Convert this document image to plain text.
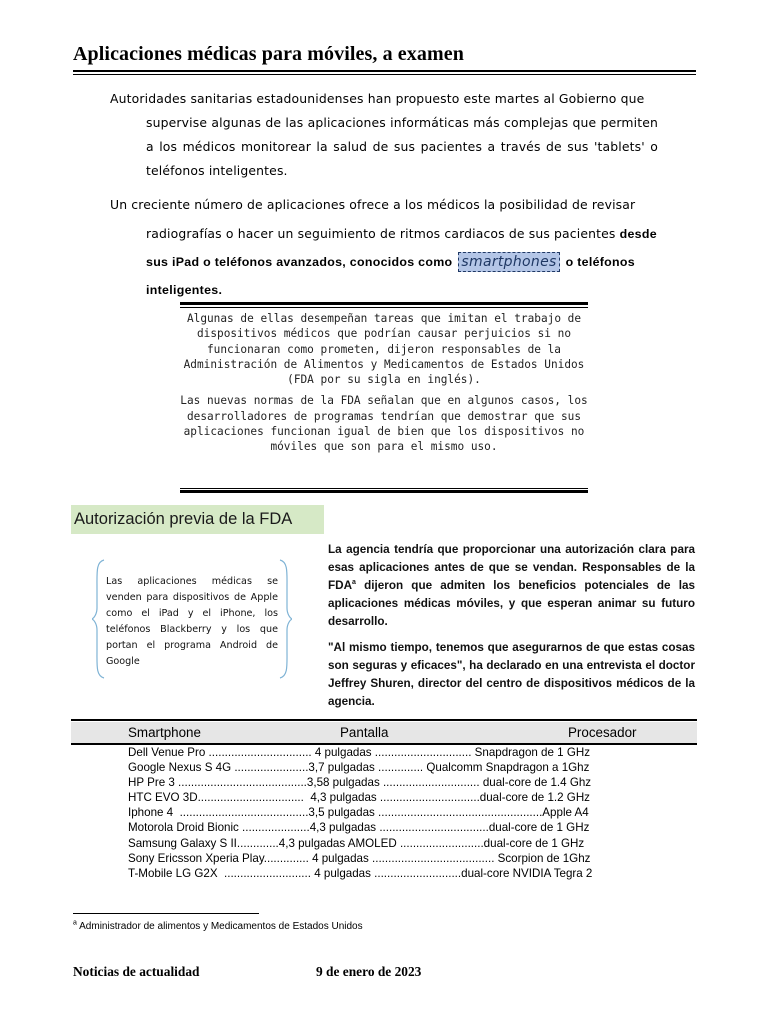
Aplicaciones médicas para móviles, a examen
Autoridades sanitarias estadounidenses han propuesto este martes al Gobierno que
supervise algunas de las aplicaciones informáticas más complejas que permiten a los médicos monitorear la salud de sus pacientes a través de sus 'tablets' o teléfonos inteligentes.
Un creciente número de aplicaciones ofrece a los médicos la posibilidad de revisar
radiografías o hacer un seguimiento de ritmos cardiacos de sus pacientes desde
sus iPad o teléfonos avanzados, conocidos como smartphones o teléfonos
inteligentes.
Algunas de ellas desempeñan tareas que imitan el trabajo de dispositivos médicos que podrían causar perjuicios si no funcionaran como prometen, dijeron responsables de la Administración de Alimentos y Medicamentos de Estados Unidos (FDA por su sigla en inglés).
Las nuevas normas de la FDA señalan que en algunos casos, los desarrolladores de programas tendrían que demostrar que sus aplicaciones funcionan igual de bien que los dispositivos no móviles que son para el mismo uso.
Autorización previa de la FDA
Las aplicaciones médicas se venden para dispositivos de Apple como el iPad y el iPhone, los teléfonos Blackberry y los que portan el programa Android de Google

La agencia tendría que proporcionar una autorización clara para esas aplicaciones antes de que se vendan. Responsables de la FDA$^a$ dijeron que admiten los beneficios potenciales de las aplicaciones médicas móviles, y que esperan animar su futuro desarrollo.

"Al mismo tiempo, tenemos que asegurarnos de que estas cosas son seguras y eficaces", ha declarado en una entrevista el doctor Jeffrey Shuren, director del centro de dispositivos médicos de la agencia.

Smartphone	Pantalla	Procesador
Dell Venue Pro ................................ 4 pulgadas .............................. Snapdragon de 1 GHz
Google Nexus S 4G .......................3,7 pulgadas .............. Qualcomm Snapdragon a 1Ghz
HP Pre 3 ........................................3,58 pulgadas .............................. dual-core de 1.4 Ghz
HTC EVO 3D.................................  4,3 pulgadas ...............................dual-core de 1.2 GHz
Iphone 4  ........................................3,5 pulgadas ...................................................Apple A4
Motorola Droid Bionic .....................4,3 pulgadas ..................................dual-core de 1 GHz
Samsung Galaxy S II.............4,3 pulgadas AMOLED ..........................dual-core de 1 GHz
Sony Ericsson Xperia Play.............. 4 pulgadas ...................................... Scorpion de 1Ghz
T-Mobile LG G2X  ........................... 4 pulgadas ...........................dual-core NVIDIA Tegra 2
$^a$ Administrador de alimentos y Medicamentos de Estados Unidos
Noticias de actualidad	9 de enero de 2023
